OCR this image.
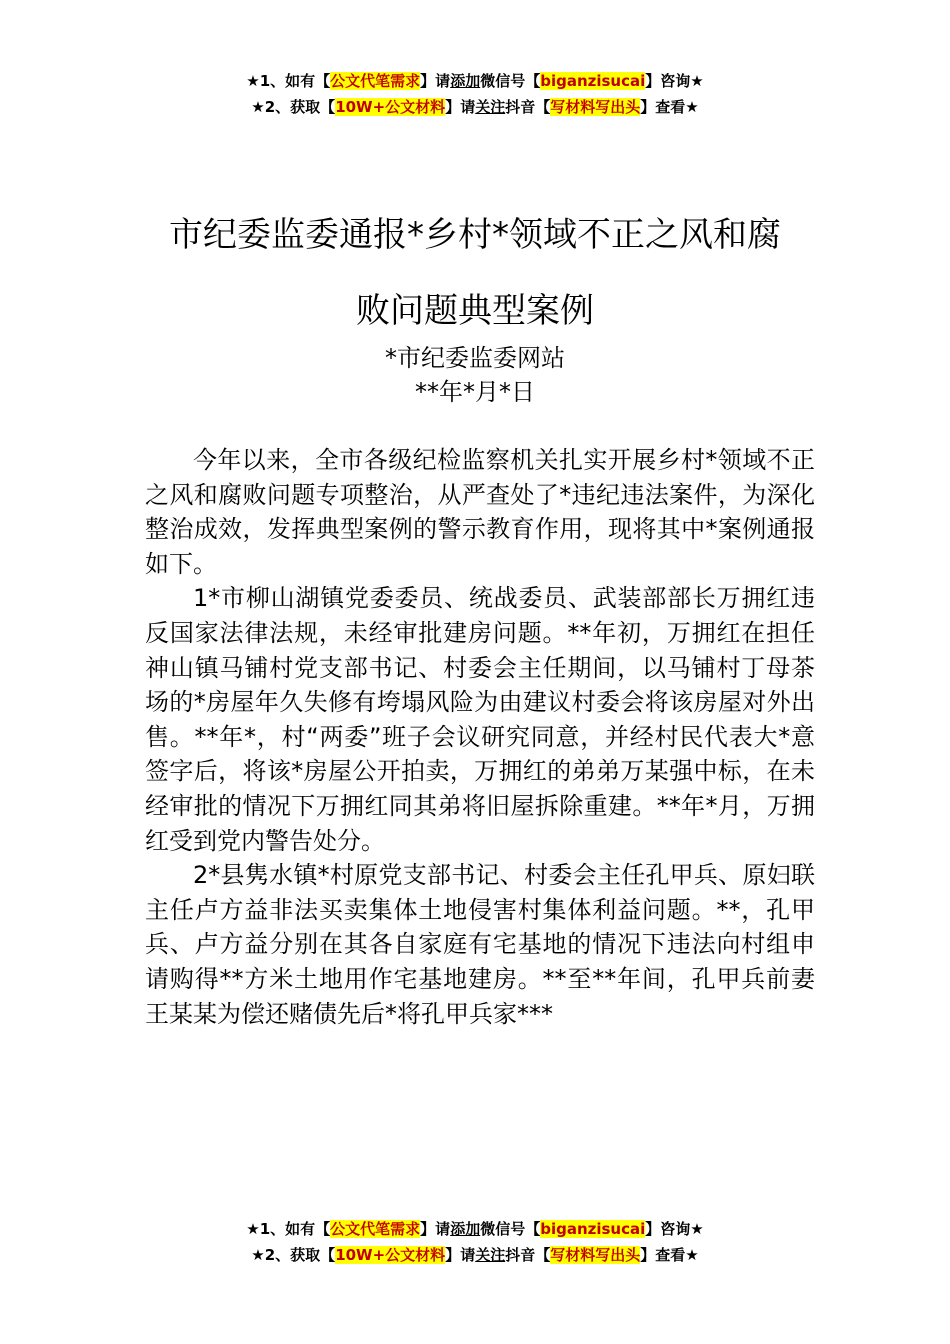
★1、如有【公文代笔需求】请添加微信号【biganzisucai】咨询★
★2、获取【10W+公文材料】请关注抖音【写材料写出头】查看★
市纪委监委通报*乡村*领域不正之风和腐
败问题典型案例
*市纪委监委网站
**年*月*日

今年以来，全市各级纪检监察机关扎实开展乡村*领域不正之风和腐败问题专项整治，从严查处了*违纪违法案件，为深化整治成效，发挥典型案例的警示教育作用，现将其中*案例通报如下。

1*市柳山湖镇党委委员、统战委员、武装部部长万拥红违反国家法律法规，未经审批建房问题。**年初，万拥红在担任神山镇马铺村党支部书记、村委会主任期间，以马铺村丁母茶场的*房屋年久失修有垮塌风险为由建议村委会将该房屋对外出售。**年*，村“两委”班子会议研究同意，并经村民代表大*意签字后，将该*房屋公开拍卖，万拥红的弟弟万某强中标，在未经审批的情况下万拥红同其弟将旧屋拆除重建。**年*月，万拥红受到党内警告处分。

2*县隽水镇*村原党支部书记、村委会主任孔甲兵、原妇联主任卢方益非法买卖集体土地侵害村集体利益问题。**，孔甲兵、卢方益分别在其各自家庭有宅基地的情况下违法向村组申请购得**方米土地用作宅基地建房。**至**年间，孔甲兵前妻王某某为偿还赌债先后*将孔甲兵家***

★1、如有【公文代笔需求】请添加微信号【biganzisucai】咨询★
★2、获取【10W+公文材料】请关注抖音【写材料写出头】查看★
